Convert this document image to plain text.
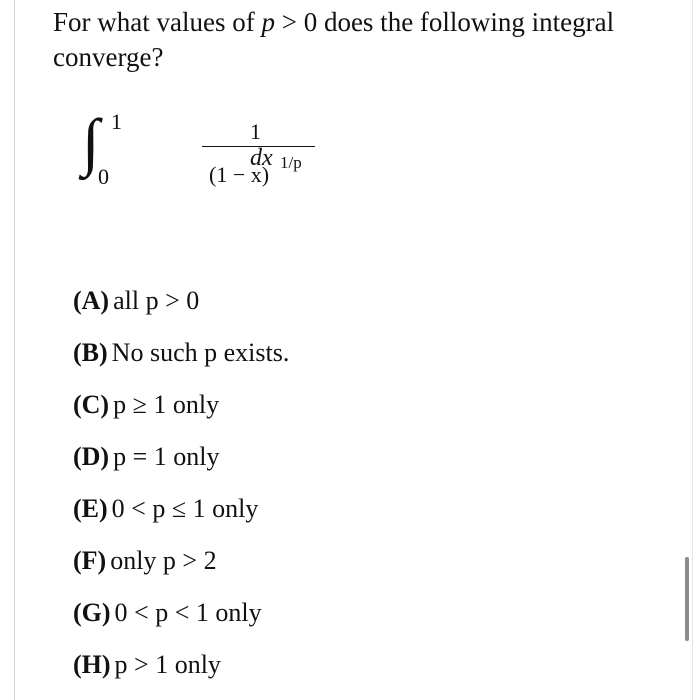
For what values of p > 0 does the following integral converge?
∫ 1
0
1
(1 − x) 1/p
dx
(A) all p > 0
(B) No such p exists.
(C) p ≥ 1 only
(D) p = 1 only
(E) 0 < p ≤ 1 only
(F) only p > 2
(G) 0 < p < 1 only
(H) p > 1 only
